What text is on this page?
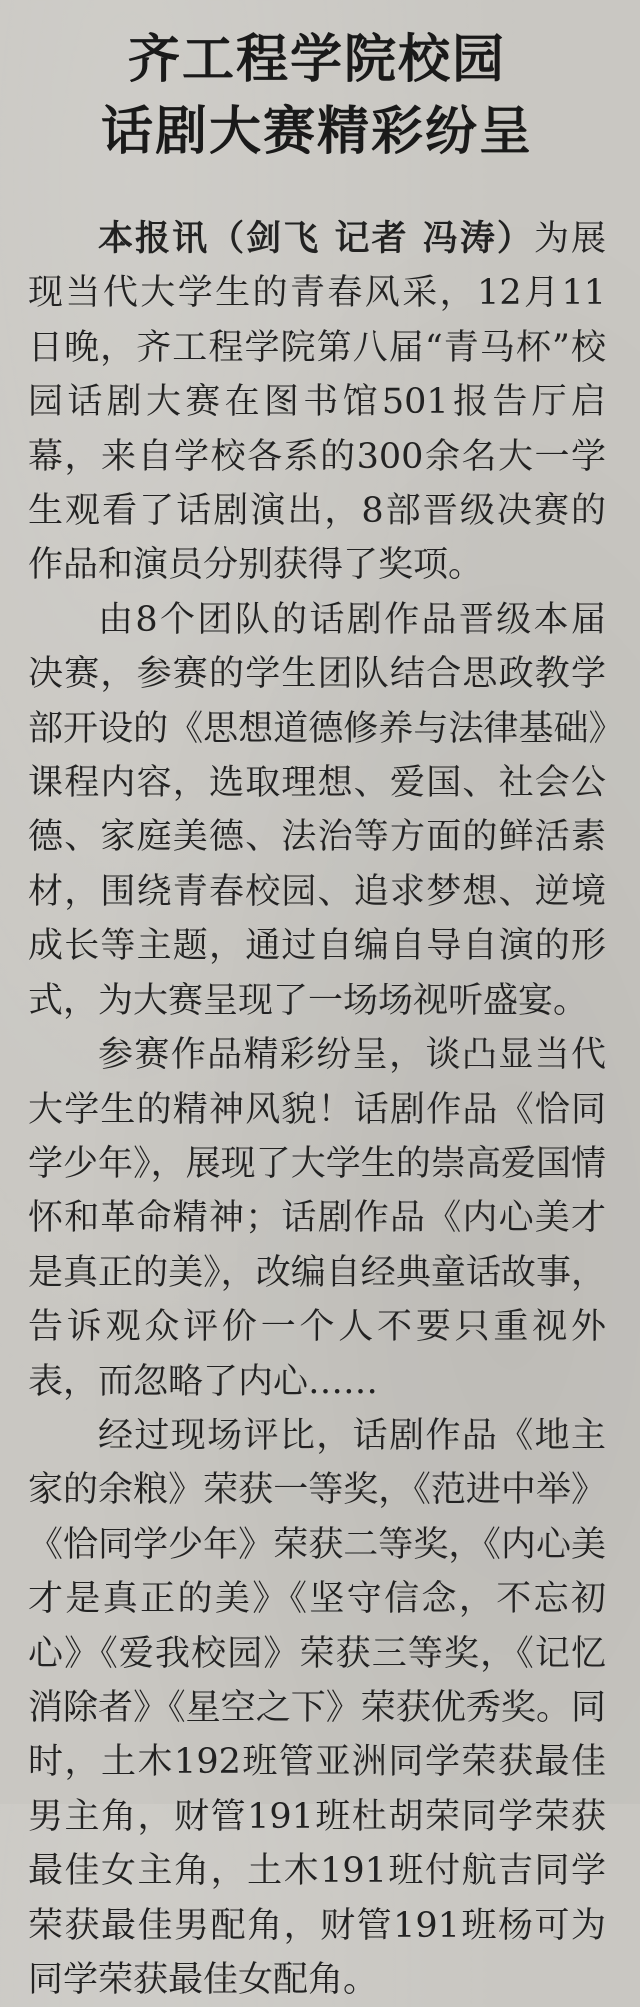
齐工程学院校园
话剧大赛精彩纷呈

本报讯（剑飞 记者 冯涛）为展现当代大学生的青春风采，12月11日晚，齐工程学院第八届“青马杯”校园话剧大赛在图书馆501报告厅启幕，来自学校各系的300余名大一学生观看了话剧演出，8部晋级决赛的作品和演员分别获得了奖项。

由8个团队的话剧作品晋级本届决赛，参赛的学生团队结合思政教学部开设的《思想道德修养与法律基础》课程内容，选取理想、爱国、社会公德、家庭美德、法治等方面的鲜活素材，围绕青春校园、追求梦想、逆境成长等主题，通过自编自导自演的形式，为大赛呈现了一场场视听盛宴。

参赛作品精彩纷呈，谈凸显当代大学生的精神风貌！话剧作品《恰同学少年》，展现了大学生的崇高爱国情怀和革命精神；话剧作品《内心美才是真正的美》，改编自经典童话故事，告诉观众评价一个人不要只重视外表，而忽略了内心……

经过现场评比，话剧作品《地主家的余粮》荣获一等奖，《范进中举》《恰同学少年》荣获二等奖，《内心美才是真正的美》《坚守信念，不忘初心》《爱我校园》荣获三等奖，《记忆消除者》《星空之下》荣获优秀奖。同时，土木192班管亚洲同学荣获最佳男主角，财管191班杜胡荣同学荣获最佳女主角，土木191班付航吉同学荣获最佳男配角，财管191班杨可为同学荣获最佳女配角。
